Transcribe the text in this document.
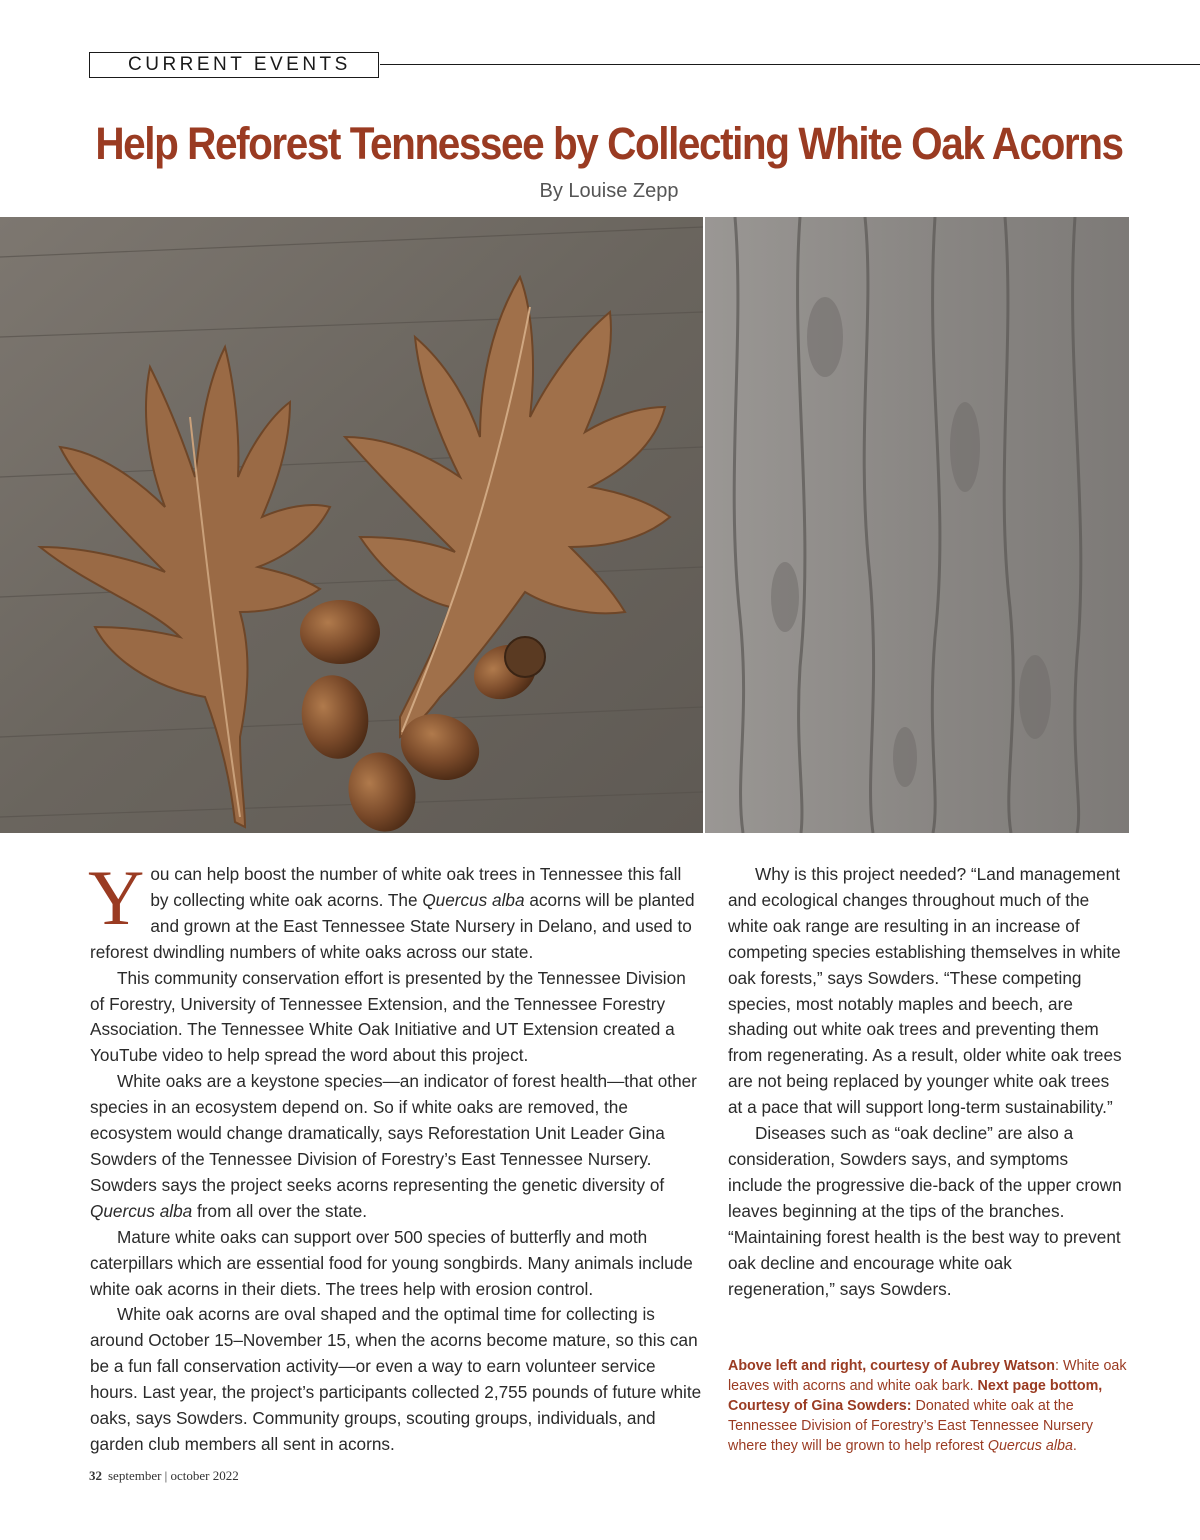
CURRENT EVENTS
Help Reforest Tennessee by Collecting White Oak Acorns
By Louise Zepp

You can help boost the number of white oak trees in Tennessee this fall by collecting white oak acorns. The Quercus alba acorns will be planted and grown at the East Tennessee State Nursery in Delano, and used to reforest dwindling numbers of white oaks across our state.

This community conservation effort is presented by the Tennessee Division of Forestry, University of Tennessee Extension, and the Tennessee Forestry Association. The Tennessee White Oak Initiative and UT Extension created a YouTube video to help spread the word about this project.

White oaks are a keystone species—an indicator of forest health—that other species in an ecosystem depend on. So if white oaks are removed, the ecosystem would change dramatically, says Reforestation Unit Leader Gina Sowders of the Tennessee Division of Forestry’s East Tennessee Nursery. Sowders says the project seeks acorns representing the genetic diversity of Quercus alba from all over the state.

Mature white oaks can support over 500 species of butterfly and moth caterpillars which are essential food for young songbirds. Many animals include white oak acorns in their diets. The trees help with erosion control.

White oak acorns are oval shaped and the optimal time for collecting is around October 15–November 15, when the acorns become mature, so this can be a fun fall conservation activity—or even a way to earn volunteer service hours. Last year, the project’s participants collected 2,755 pounds of future white oaks, says Sowders. Community groups, scouting groups, individuals, and garden club members all sent in acorns.

Why is this project needed? “Land management and ecological changes throughout much of the white oak range are resulting in an increase of competing species establishing themselves in white oak forests,” says Sowders. “These competing species, most notably maples and beech, are shading out white oak trees and preventing them from regenerating. As a result, older white oak trees are not being replaced by younger white oak trees at a pace that will support long-term sustainability.”

Diseases such as “oak decline” are also a consideration, Sowders says, and symptoms include the progressive die-back of the upper crown leaves beginning at the tips of the branches. “Maintaining forest health is the best way to prevent oak decline and encourage white oak regeneration,” says Sowders.

Above left and right, courtesy of Aubrey Watson: White oak leaves with acorns and white oak bark. Next page bottom, Courtesy of Gina Sowders: Donated white oak at the Tennessee Division of Forestry’s East Tennessee Nursery where they will be grown to help reforest Quercus alba.
32 september | october 2022
